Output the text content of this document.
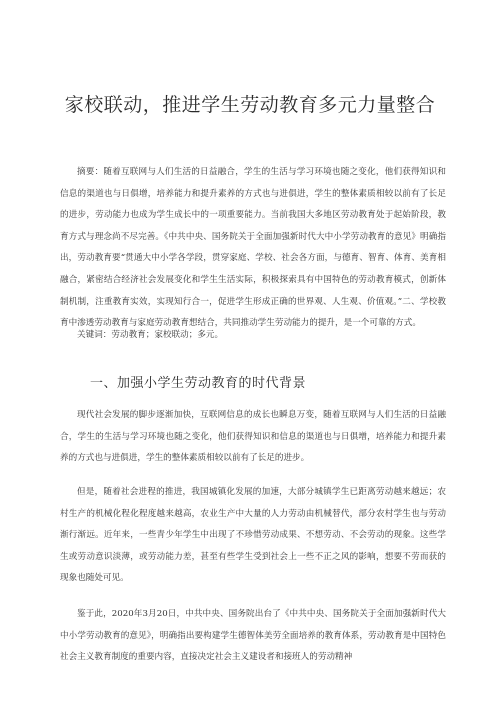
家校联动，推进学生劳动教育多元力量整合
摘要：随着互联网与人们生活的日益融合，学生的生活与学习环境也随之变化，他们获得知识和信息的渠道也与日俱增，培养能力和提升素养的方式也与进俱进，学生的整体素质相较以前有了长足的进步，劳动能力也成为学生成长中的一项重要能力。当前我国大多地区劳动教育处于起始阶段，教育方式与理念尚不尽完善。《中共中央、国务院关于全面加强新时代大中小学劳动教育的意见》明确指出，劳动教育要“贯通大中小学各学段，贯穿家庭、学校、社会各方面，与德育、智育、体育、美育相融合，紧密结合经济社会发展变化和学生生活实际，积极探索具有中国特色的劳动教育模式，创新体制机制，注重教育实效，实现知行合一，促进学生形成正确的世界观、人生观、价值观。”二、学校教育中渗透劳动教育与家庭劳动教育想结合，共同推动学生劳动能力的提升，是一个可靠的方式。
关键词：劳动教育；家校联动；多元。
一、加强小学生劳动教育的时代背景
现代社会发展的脚步逐渐加快，互联网信息的成长也瞬息万变，随着互联网与人们生活的日益融合，学生的生活与学习环境也随之变化，他们获得知识和信息的渠道也与日俱增，培养能力和提升素养的方式也与进俱进，学生的整体素质相较以前有了长足的进步。
但是，随着社会进程的推进，我国城镇化发展的加速，大部分城镇学生已距离劳动越来越远；农村生产的机械化程化程度越来越高，农业生产中大量的人力劳动由机械替代，部分农村学生也与劳动渐行渐远。近年来，一些青少年学生中出现了不珍惜劳动成果、不想劳动、不会劳动的现象。这些学生或劳动意识淡薄，或劳动能力差，甚至有些学生受到社会上一些不正之风的影响，想要不劳而获的现象也随处可见。
鉴于此，2020年3月20日，中共中央、国务院出台了《中共中央、国务院关于全面加强新时代大中小学劳动教育的意见》，明确指出要构建学生德智体美劳全面培养的教育体系，劳动教育是中国特色社会主义教育制度的重要内容，直接决定社会主义建设者和接班人的劳动精神
